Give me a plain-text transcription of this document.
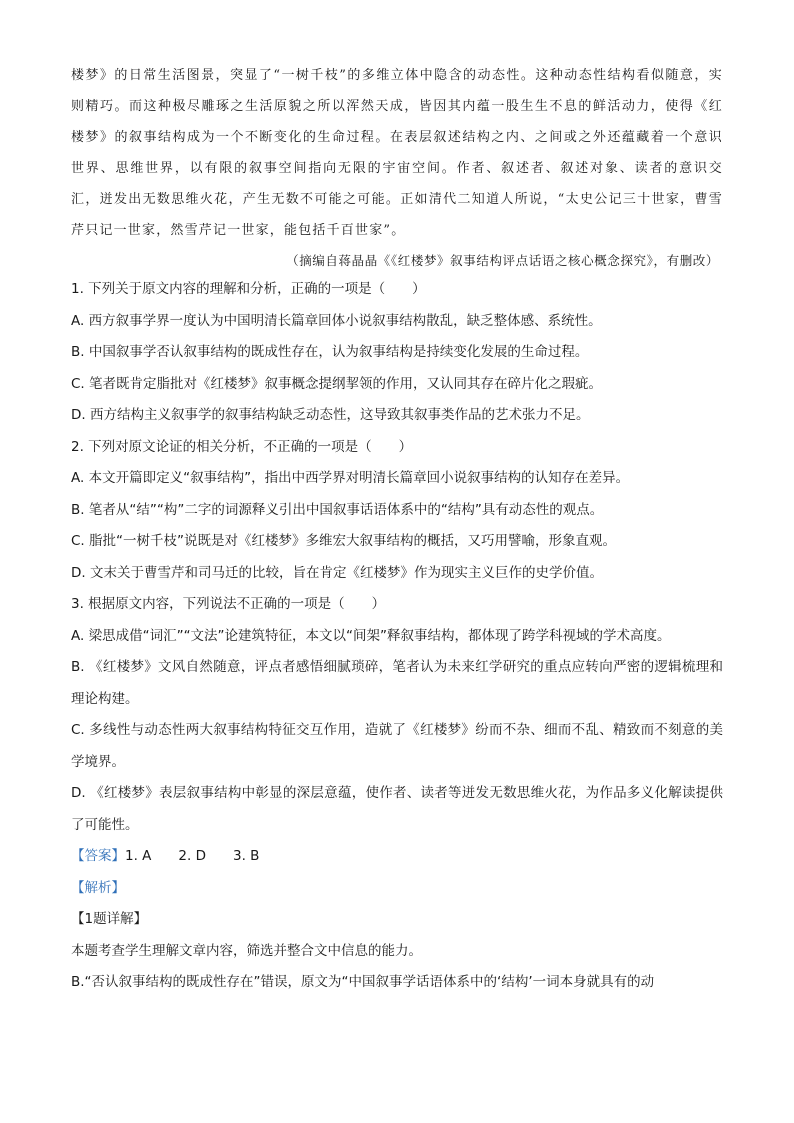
楼梦》的日常生活图景，突显了“一树千枝”的多维立体中隐含的动态性。这种动态性结构看似随意，实则精巧。而这种极尽雕琢之生活原貌之所以浑然天成，皆因其内蕴一股生生不息的鲜活动力，使得《红楼梦》的叙事结构成为一个不断变化的生命过程。在表层叙述结构之内、之间或之外还蕴藏着一个意识世界、思维世界，以有限的叙事空间指向无限的宇宙空间。作者、叙述者、叙述对象、读者的意识交汇，迸发出无数思维火花，产生无数不可能之可能。正如清代二知道人所说，“太史公记三十世家，曹雪芹只记一世家，然雪芹记一世家，能包括千百世家”。

（摘编自蒋晶晶《《红楼梦》叙事结构评点话语之核心概念探究》，有删改）

1. 下列关于原文内容的理解和分析，正确的一项是（　　）

A. 西方叙事学界一度认为中国明清长篇章回体小说叙事结构散乱，缺乏整体感、系统性。

B. 中国叙事学否认叙事结构的既成性存在，认为叙事结构是持续变化发展的生命过程。

C. 笔者既肯定脂批对《红楼梦》叙事概念提纲挈领的作用，又认同其存在碎片化之瑕疵。

D. 西方结构主义叙事学的叙事结构缺乏动态性，这导致其叙事类作品的艺术张力不足。

2. 下列对原文论证的相关分析，不正确的一项是（　　）

A. 本文开篇即定义“叙事结构”，指出中西学界对明清长篇章回小说叙事结构的认知存在差异。

B. 笔者从“结”“构”二字的词源释义引出中国叙事话语体系中的“结构”具有动态性的观点。

C. 脂批“一树千枝”说既是对《红楼梦》多维宏大叙事结构的概括，又巧用譬喻，形象直观。

D. 文末关于曹雪芹和司马迁的比较，旨在肯定《红楼梦》作为现实主义巨作的史学价值。

3. 根据原文内容，下列说法不正确的一项是（　　）

A. 梁思成借“词汇”“文法”论建筑特征，本文以“间架”释叙事结构，都体现了跨学科视域的学术高度。

B. 《红楼梦》文风自然随意，评点者感悟细腻琐碎，笔者认为未来红学研究的重点应转向严密的逻辑梳理和理论构建。

C. 多线性与动态性两大叙事结构特征交互作用，造就了《红楼梦》纷而不杂、细而不乱、精致而不刻意的美学境界。

D. 《红楼梦》表层叙事结构中彰显的深层意蕴，使作者、读者等迸发无数思维火花，为作品多义化解读提供了可能性。

【答案】1. A　　2. D　　3. B

【解析】

【1题详解】

本题考查学生理解文章内容，筛选并整合文中信息的能力。

B.“否认叙事结构的既成性存在”错误，原文为“中国叙事学话语体系中的‘结构’一词本身就具有的动
